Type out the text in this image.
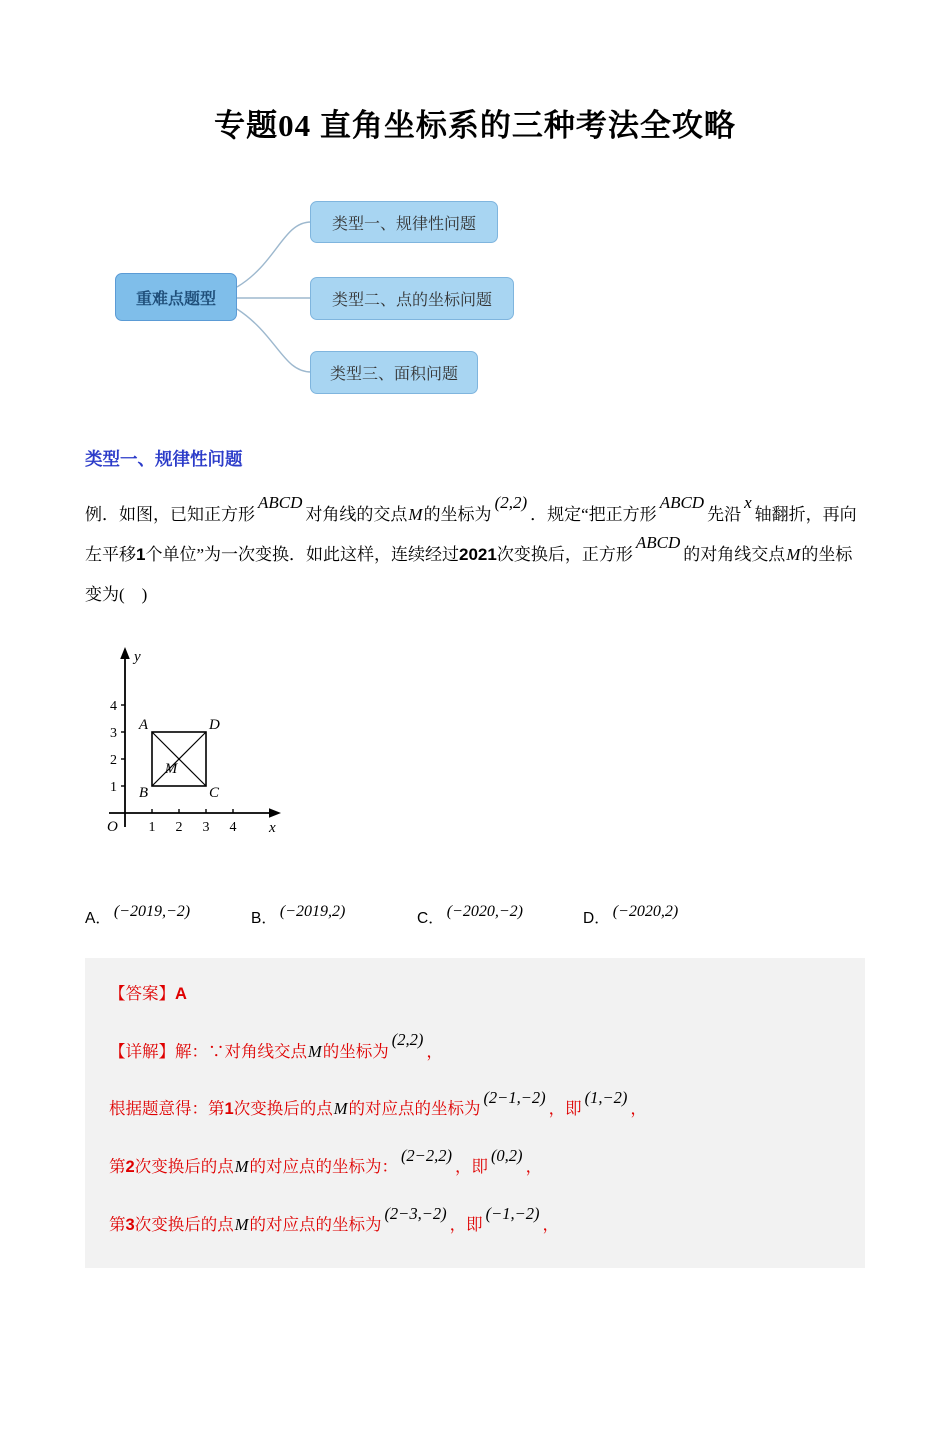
专题04 直角坐标系的三种考法全攻略
重难点题型
类型一、规律性问题
类型二、点的坐标问题
类型三、面积问题
类型一、规律性问题
例．如图，已知正方形ABCD对角线的交点M的坐标为(2,2)．规定“把正方形ABCD先沿x轴翻折，再向左平移1个单位”为一次变换．如此这样，连续经过2021次变换后，正方形ABCD的对角线交点M的坐标变为(　)
y
x
O
4
3
2
1
1 2 3 4
A	D
B	C
M
A． (−2019,−2)	B． (−2019,2)	C． (−2020,−2)	D． (−2020,2)
【答案】A
【详解】解：∵对角线交点M的坐标为(2,2)，
根据题意得：第1次变换后的点M的对应点的坐标为(2−1,−2)，即(1,−2)，
第2次变换后的点M的对应点的坐标为：(2−2,2)，即(0,2)，
第3次变换后的点M的对应点的坐标为(2−3,−2)，即(−1,−2)，
